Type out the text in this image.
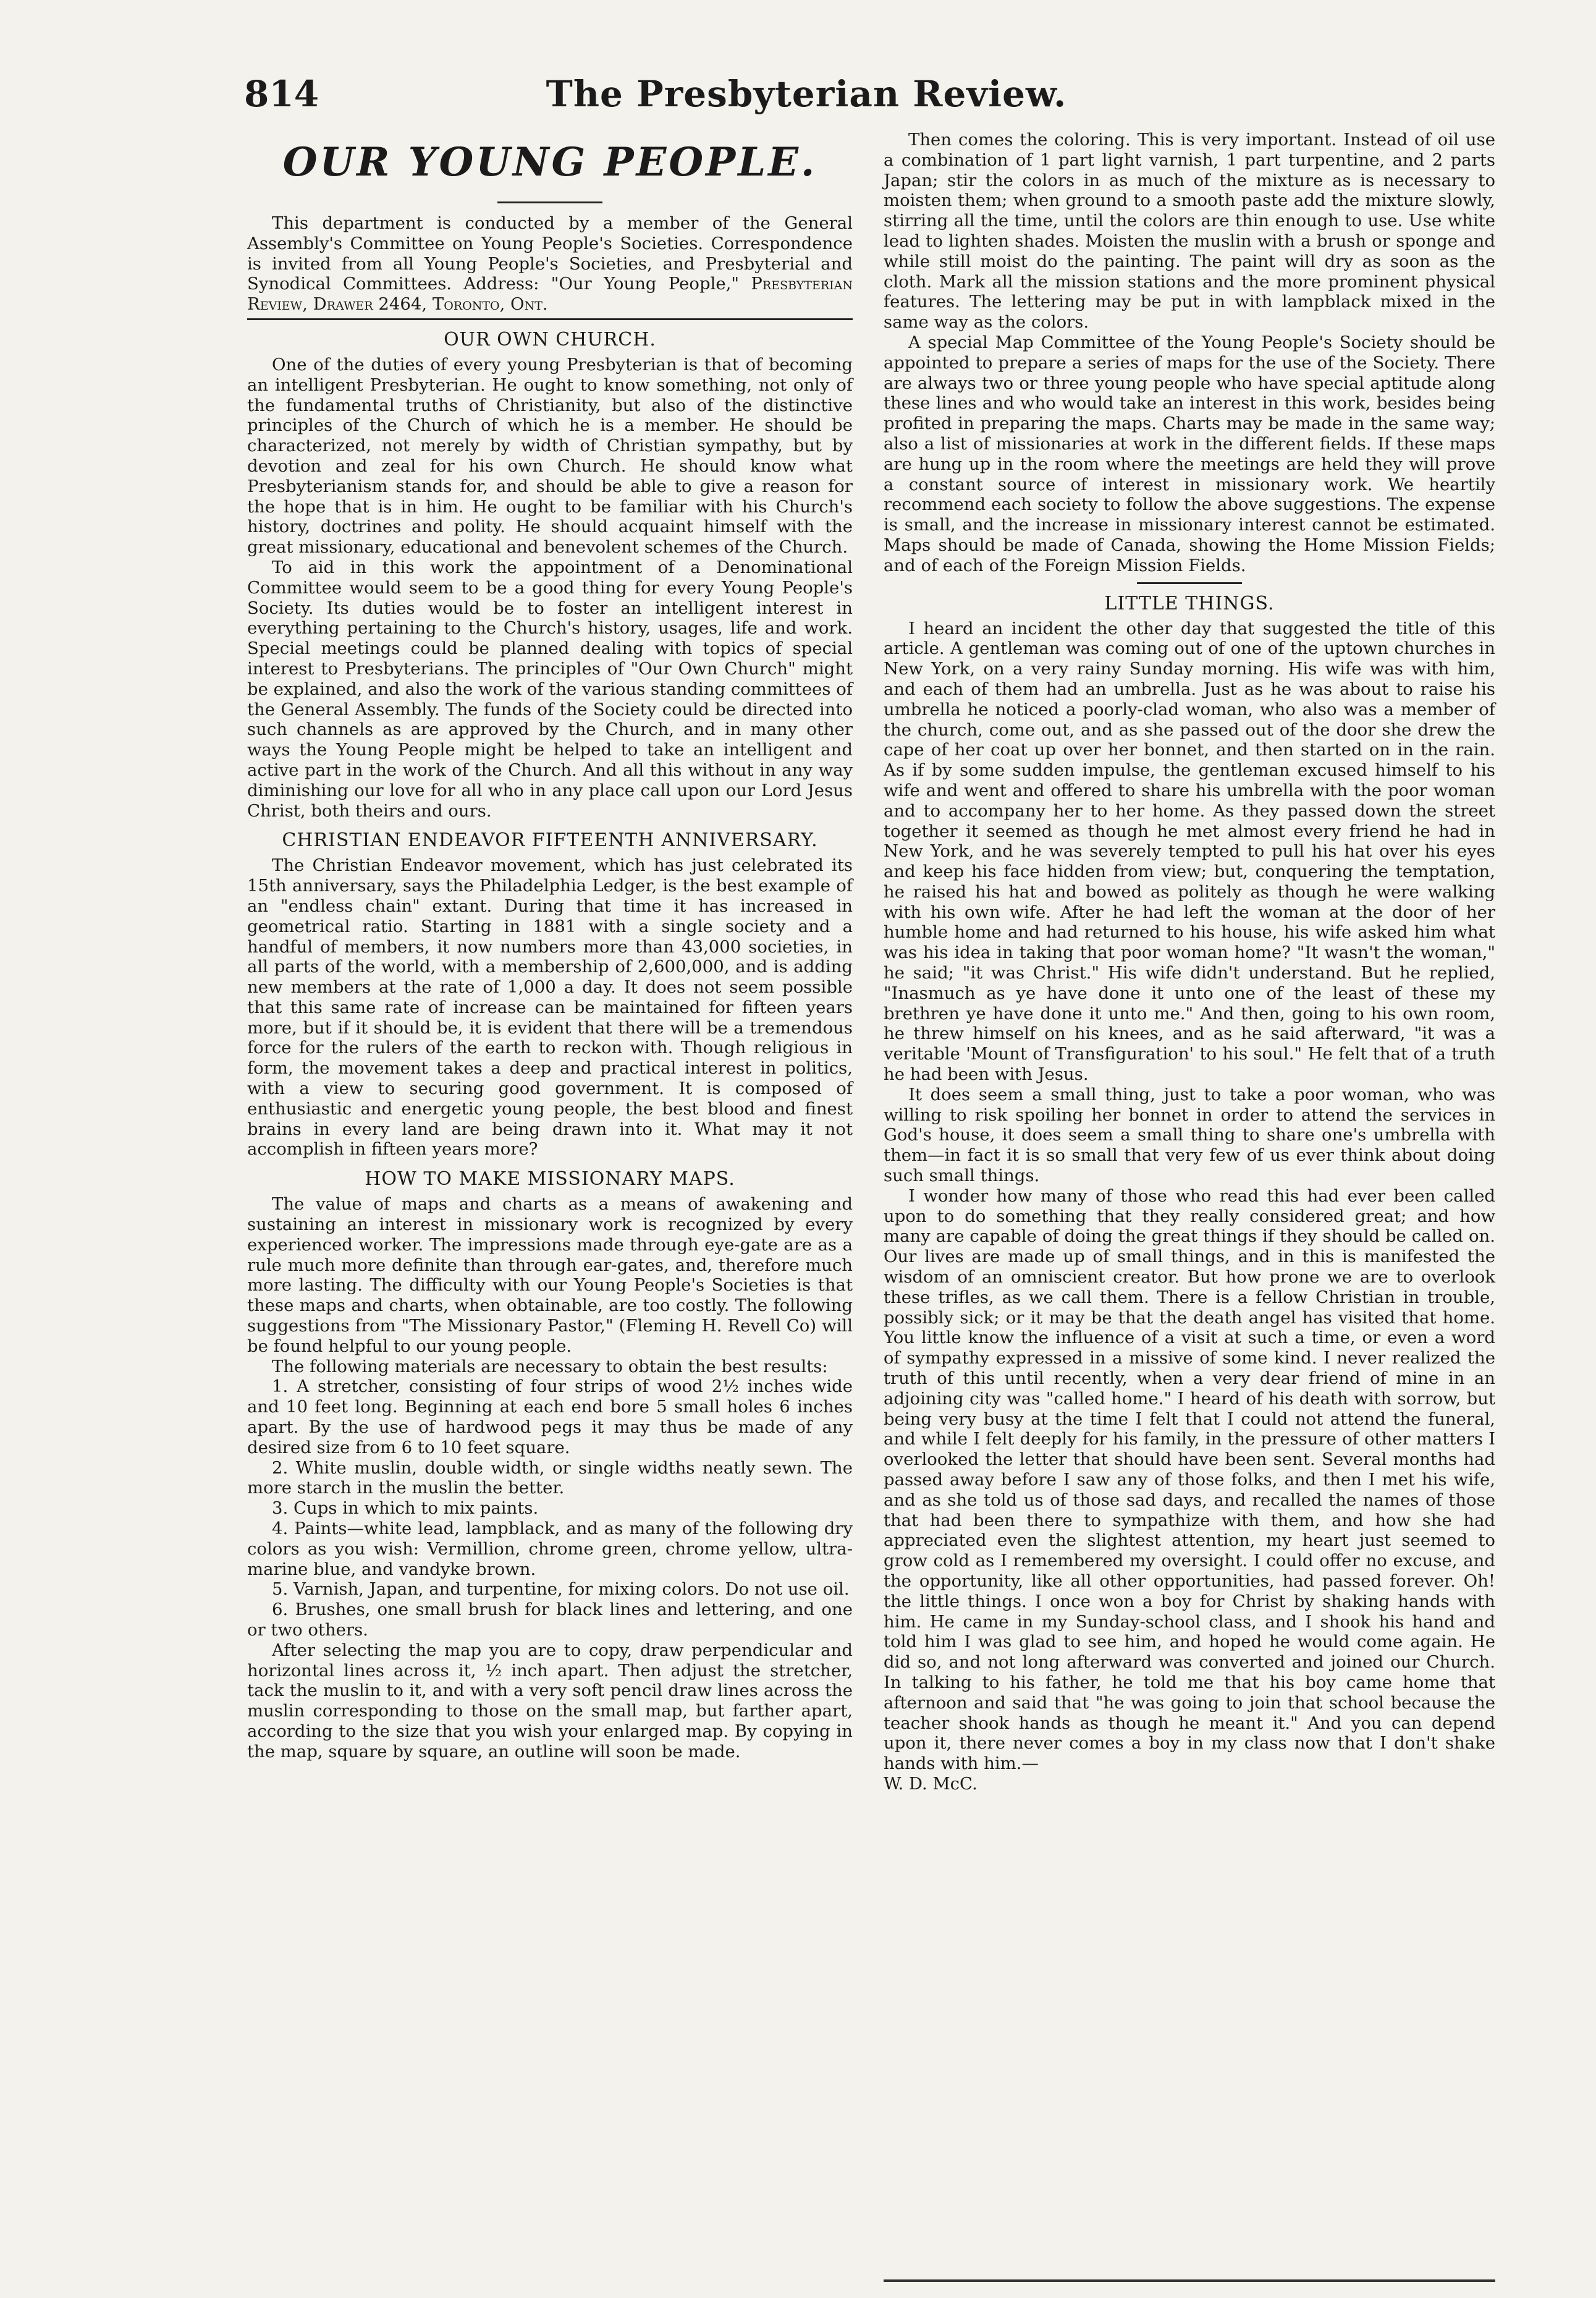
814	The Presbyterian Review.
OUR YOUNG PEOPLE.

This department is conducted by a member of the General Assembly's Committee on Young People's Societies. Correspondence is invited from all Young People's Societies, and Presbyterial and Synodical Committees. Address: "Our Young People," Presbyterian Review, Drawer 2464, Toronto, Ont.

OUR OWN CHURCH.

One of the duties of every young Presbyterian is that of becoming an intelligent Presbyterian. He ought to know something, not only of the fundamental truths of Christianity, but also of the distinctive principles of the Church of which he is a member. He should be characterized, not merely by width of Christian sympathy, but by devotion and zeal for his own Church. He should know what Presbyterianism stands for, and should be able to give a reason for the hope that is in him. He ought to be familiar with his Church's history, doctrines and polity. He should acquaint himself with the great missionary, educational and benevolent schemes of the Church.

To aid in this work the appointment of a Denominational Committee would seem to be a good thing for every Young People's Society. Its duties would be to foster an intelligent interest in everything pertaining to the Church's history, usages, life and work. Special meetings could be planned dealing with topics of special interest to Presbyterians. The principles of "Our Own Church" might be explained, and also the work of the various standing committees of the General Assembly. The funds of the Society could be directed into such channels as are approved by the Church, and in many other ways the Young People might be helped to take an intelligent and active part in the work of the Church. And all this without in any way diminishing our love for all who in any place call upon our Lord Jesus Christ, both theirs and ours.

CHRISTIAN ENDEAVOR FIFTEENTH ANNIVERSARY.

The Christian Endeavor movement, which has just celebrated its 15th anniversary, says the Philadelphia Ledger, is the best example of an "endless chain" extant. During that time it has increased in geometrical ratio. Starting in 1881 with a single society and a handful of members, it now numbers more than 43,000 societies, in all parts of the world, with a membership of 2,600,000, and is adding new members at the rate of 1,000 a day. It does not seem possible that this same rate of increase can be maintained for fifteen years more, but if it should be, it is evident that there will be a tremendous force for the rulers of the earth to reckon with. Though religious in form, the movement takes a deep and practical interest in politics, with a view to securing good government. It is composed of enthusiastic and energetic young people, the best blood and finest brains in every land are being drawn into it. What may it not accomplish in fifteen years more?

HOW TO MAKE MISSIONARY MAPS.

The value of maps and charts as a means of awakening and sustaining an interest in missionary work is recognized by every experienced worker. The impressions made through eye-gate are as a rule much more definite than through ear-gates, and, therefore much more lasting. The difficulty with our Young People's Societies is that these maps and charts, when obtainable, are too costly. The following suggestions from "The Missionary Pastor," (Fleming H. Revell Co) will be found helpful to our young people.

The following materials are necessary to obtain the best results:

1. A stretcher, consisting of four strips of wood 2½ inches wide and 10 feet long. Beginning at each end bore 5 small holes 6 inches apart. By the use of hardwood pegs it may thus be made of any desired size from 6 to 10 feet square.

2. White muslin, double width, or single widths neatly sewn. The more starch in the muslin the better.

3. Cups in which to mix paints.

4. Paints—white lead, lampblack, and as many of the following dry colors as you wish: Vermillion, chrome green, chrome yellow, ultra-marine blue, and vandyke brown.

5. Varnish, Japan, and turpentine, for mixing colors. Do not use oil.

6. Brushes, one small brush for black lines and lettering, and one or two others.

After selecting the map you are to copy, draw perpendicular and horizontal lines across it, ½ inch apart. Then adjust the stretcher, tack the muslin to it, and with a very soft pencil draw lines across the muslin corresponding to those on the small map, but farther apart, according to the size that you wish your enlarged map. By copying in the map, square by square, an outline will soon be made.

Then comes the coloring. This is very important. Instead of oil use a combination of 1 part light varnish, 1 part turpentine, and 2 parts Japan; stir the colors in as much of the mixture as is necessary to moisten them; when ground to a smooth paste add the mixture slowly, stirring all the time, until the colors are thin enough to use. Use white lead to lighten shades. Moisten the muslin with a brush or sponge and while still moist do the painting. The paint will dry as soon as the cloth. Mark all the mission stations and the more prominent physical features. The lettering may be put in with lampblack mixed in the same way as the colors.

A special Map Committee of the Young People's Society should be appointed to prepare a series of maps for the use of the Society. There are always two or three young people who have special aptitude along these lines and who would take an interest in this work, besides being profited in preparing the maps. Charts may be made in the same way; also a list of missionaries at work in the different fields. If these maps are hung up in the room where the meetings are held they will prove a constant source of interest in missionary work. We heartily recommend each society to follow the above suggestions. The expense is small, and the increase in missionary interest cannot be estimated. Maps should be made of Canada, showing the Home Mission Fields; and of each of the Foreign Mission Fields.

LITTLE THINGS.

I heard an incident the other day that suggested the title of this article. A gentleman was coming out of one of the uptown churches in New York, on a very rainy Sunday morning. His wife was with him, and each of them had an umbrella. Just as he was about to raise his umbrella he noticed a poorly-clad woman, who also was a member of the church, come out, and as she passed out of the door she drew the cape of her coat up over her bonnet, and then started on in the rain. As if by some sudden impulse, the gentleman excused himself to his wife and went and offered to share his umbrella with the poor woman and to accompany her to her home. As they passed down the street together it seemed as though he met almost every friend he had in New York, and he was severely tempted to pull his hat over his eyes and keep his face hidden from view; but, conquering the temptation, he raised his hat and bowed as politely as though he were walking with his own wife. After he had left the woman at the door of her humble home and had returned to his house, his wife asked him what was his idea in taking that poor woman home? "It wasn't the woman," he said; "it was Christ." His wife didn't understand. But he replied, "Inasmuch as ye have done it unto one of the least of these my brethren ye have done it unto me." And then, going to his own room, he threw himself on his knees, and as he said afterward, "it was a veritable 'Mount of Transfiguration' to his soul." He felt that of a truth he had been with Jesus.

It does seem a small thing, just to take a poor woman, who was willing to risk spoiling her bonnet in order to attend the services in God's house, it does seem a small thing to share one's umbrella with them—in fact it is so small that very few of us ever think about doing such small things.

I wonder how many of those who read this had ever been called upon to do something that they really considered great; and how many are capable of doing the great things if they should be called on. Our lives are made up of small things, and in this is manifested the wisdom of an omniscient creator. But how prone we are to overlook these trifles, as we call them. There is a fellow Christian in trouble, possibly sick; or it may be that the death angel has visited that home. You little know the influence of a visit at such a time, or even a word of sympathy expressed in a missive of some kind. I never realized the truth of this until recently, when a very dear friend of mine in an adjoining city was "called home." I heard of his death with sorrow, but being very busy at the time I felt that I could not attend the funeral, and while I felt deeply for his family, in the pressure of other matters I overlooked the letter that should have been sent. Several months had passed away before I saw any of those folks, and then I met his wife, and as she told us of those sad days, and recalled the names of those that had been there to sympathize with them, and how she had appreciated even the slightest attention, my heart just seemed to grow cold as I remembered my oversight. I could offer no excuse, and the opportunity, like all other opportunities, had passed forever. Oh! the little things. I once won a boy for Christ by shaking hands with him. He came in my Sunday-school class, and I shook his hand and told him I was glad to see him, and hoped he would come again. He did so, and not long afterward was converted and joined our Church. In talking to his father, he told me that his boy came home that afternoon and said that "he was going to join that school because the teacher shook hands as though he meant it." And you can depend upon it, there never comes a boy in my class now that I don't shake hands with him.—

W. D. McC.
